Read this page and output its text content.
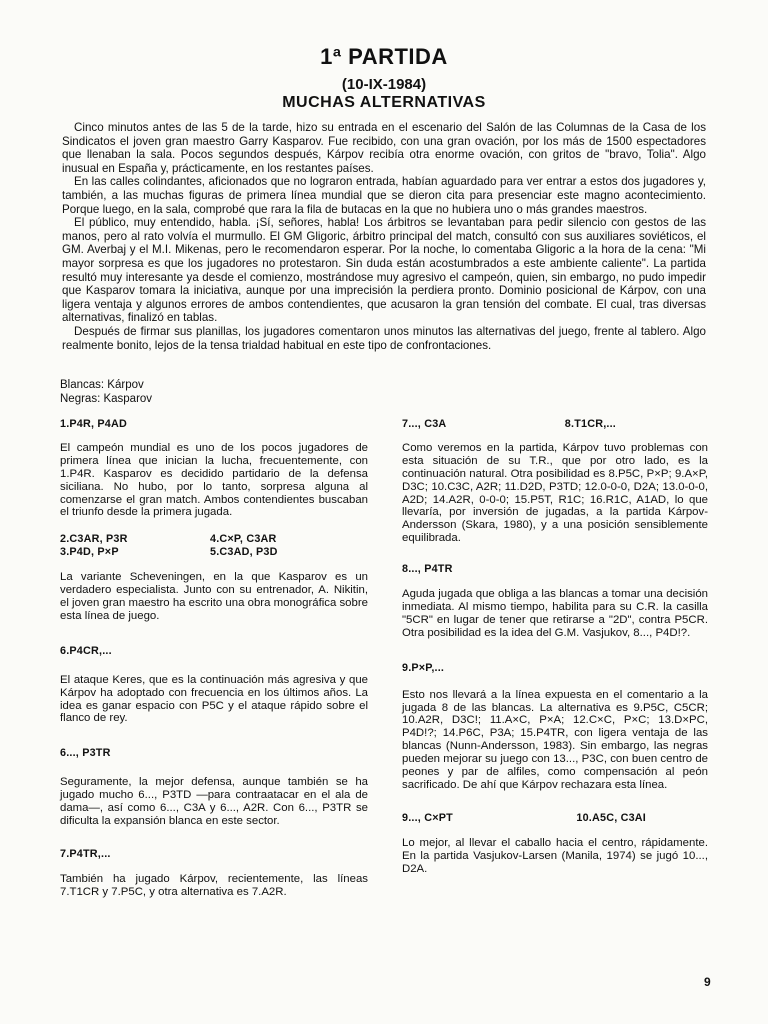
1ª PARTIDA
(10-IX-1984)
MUCHAS ALTERNATIVAS

Cinco minutos antes de las 5 de la tarde, hizo su entrada en el escenario del Salón de las Columnas de la Casa de los Sindicatos el joven gran maestro Garry Kasparov. Fue recibido, con una gran ovación, por los más de 1500 espectadores que llenaban la sala. Pocos segundos después, Kárpov recibía otra enorme ovación, con gritos de "bravo, Tolia". Algo inusual en España y, prácticamente, en los restantes países.

En las calles colindantes, aficionados que no lograron entrada, habían aguardado para ver entrar a estos dos jugadores y, también, a las muchas figuras de primera línea mundial que se dieron cita para presenciar este magno acontecimiento. Porque luego, en la sala, comprobé que rara la fila de butacas en la que no hubiera uno o más grandes maestros.

El público, muy entendido, habla. ¡Sí, señores, habla! Los árbitros se levantaban para pedir silencio con gestos de las manos, pero al rato volvía el murmullo. El GM Gligoric, árbitro principal del match, consultó con sus auxiliares soviéticos, el GM. Averbaj y el M.I. Mikenas, pero le recomendaron esperar. Por la noche, lo comentaba Gligoric a la hora de la cena: "Mi mayor sorpresa es que los jugadores no protestaron. Sin duda están acostumbrados a este ambiente caliente". La partida resultó muy interesante ya desde el comienzo, mostrándose muy agresivo el campeón, quien, sin embargo, no pudo impedir que Kasparov tomara la iniciativa, aunque por una imprecisión la perdiera pronto. Dominio posicional de Kárpov, con una ligera ventaja y algunos errores de ambos contendientes, que acusaron la gran tensión del combate. El cual, tras diversas alternativas, finalizó en tablas.

Después de firmar sus planillas, los jugadores comentaron unos minutos las alternativas del juego, frente al tablero. Algo realmente bonito, lejos de la tensa trialdad habitual en este tipo de confrontaciones.

Blancas: Kárpov
Negras: Kasparov

1.P4R, P4AD

El campeón mundial es uno de los pocos jugadores de primera línea que inician la lucha, frecuentemente, con 1.P4R. Kasparov es decidido partidario de la defensa siciliana. No hubo, por lo tanto, sorpresa alguna al comenzarse el gran match. Ambos contendientes buscaban el triunfo desde la primera jugada.

2.C3AR, P3R	4.C×P, C3AR
3.P4D, P×P	5.C3AD, P3D

La variante Scheveningen, en la que Kasparov es un verdadero especialista. Junto con su entrenador, A. Nikitin, el joven gran maestro ha escrito una obra monográfica sobre esta línea de juego.

6.P4CR,...

El ataque Keres, que es la continuación más agresiva y que Kárpov ha adoptado con frecuencia en los últimos años. La idea es ganar espacio con P5C y el ataque rápido sobre el flanco de rey.

6..., P3TR

Seguramente, la mejor defensa, aunque también se ha jugado mucho 6..., P3TD —para contraatacar en el ala de dama—, así como 6..., C3A y 6..., A2R. Con 6..., P3TR se dificulta la expansión blanca en este sector.

7.P4TR,...

También ha jugado Kárpov, recientemente, las líneas 7.T1CR y 7.P5C, y otra alternativa es 7.A2R.

7..., C3A	8.T1CR,...

Como veremos en la partida, Kárpov tuvo problemas con esta situación de su T.R., que por otro lado, es la continuación natural. Otra posibilidad es 8.P5C, P×P; 9.A×P, D3C; 10.C3C, A2R; 11.D2D, P3TD; 12.0-0-0, D2A; 13.0-0-0, A2D; 14.A2R, 0-0-0; 15.P5T, R1C; 16.R1C, A1AD, lo que llevaría, por inversión de jugadas, a la partida Kárpov-Andersson (Skara, 1980), y a una posición sensiblemente equilibrada.

8..., P4TR

Aguda jugada que obliga a las blancas a tomar una decisión inmediata. Al mismo tiempo, habilita para su C.R. la casilla "5CR" en lugar de tener que retirarse a "2D", contra P5CR. Otra posibilidad es la idea del G.M. Vasjukov, 8..., P4D!?.

9.P×P,...

Esto nos llevará a la línea expuesta en el comentario a la jugada 8 de las blancas. La alternativa es 9.P5C, C5CR; 10.A2R, D3C!; 11.A×C, P×A; 12.C×C, P×C; 13.D×PC, P4D!?; 14.P6C, P3A; 15.P4TR, con ligera ventaja de las blancas (Nunn-Andersson, 1983). Sin embargo, las negras pueden mejorar su juego con 13..., P3C, con buen centro de peones y par de alfiles, como compensación al peón sacrificado. De ahí que Kárpov rechazara esta línea.

9..., C×PT	10.A5C, C3AI

Lo mejor, al llevar el caballo hacia el centro, rápidamente. En la partida Vasjukov-Larsen (Manila, 1974) se jugó 10..., D2A.

9
